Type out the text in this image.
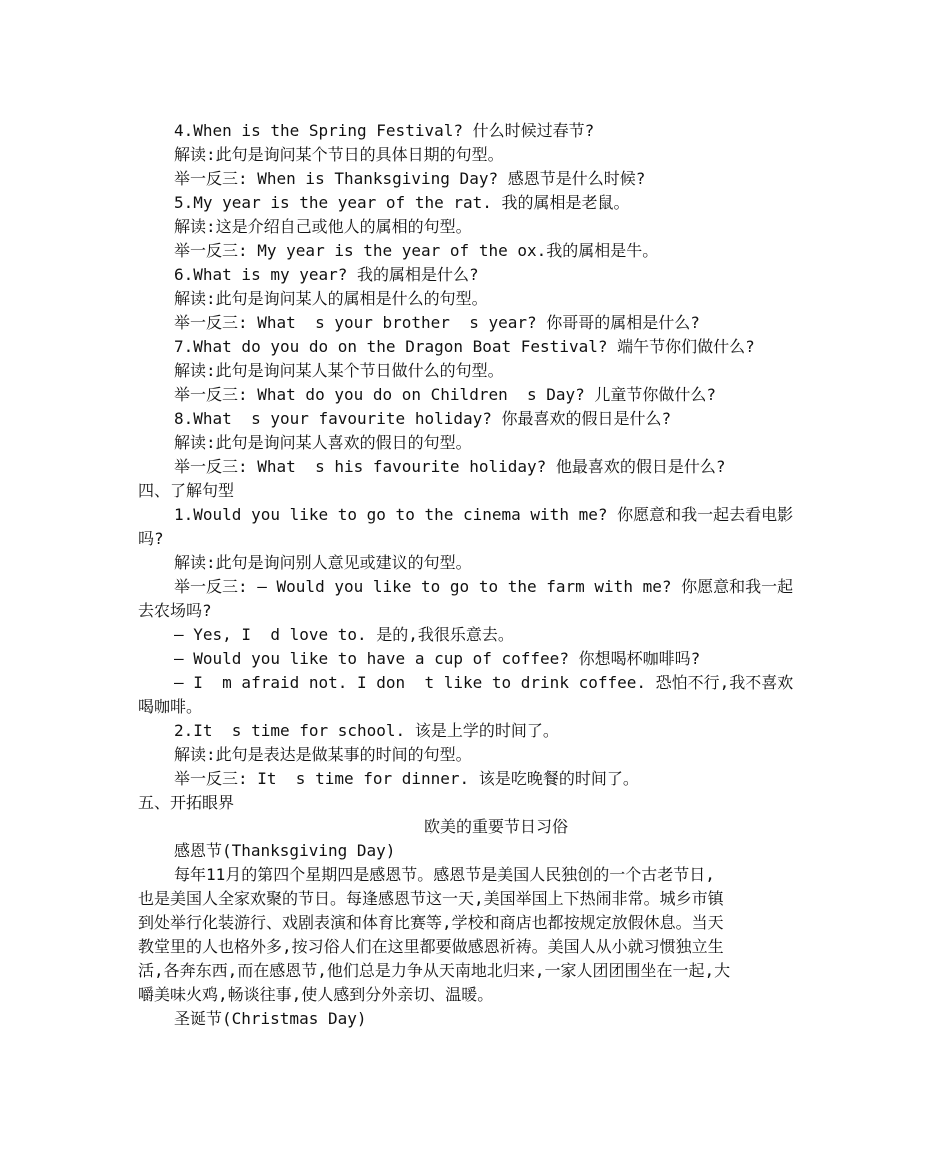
4.When is the Spring Festival? 什么时候过春节?
解读:此句是询问某个节日的具体日期的句型。
举一反三: When is Thanksgiving Day? 感恩节是什么时候?
5.My year is the year of the rat. 我的属相是老鼠。
解读:这是介绍自己或他人的属相的句型。
举一反三: My year is the year of the ox.我的属相是牛。
6.What is my year? 我的属相是什么?
解读:此句是询问某人的属相是什么的句型。
举一反三: What  s your brother  s year? 你哥哥的属相是什么?
7.What do you do on the Dragon Boat Festival? 端午节你们做什么?
解读:此句是询问某人某个节日做什么的句型。
举一反三: What do you do on Children  s Day? 儿童节你做什么?
8.What  s your favourite holiday? 你最喜欢的假日是什么?
解读:此句是询问某人喜欢的假日的句型。
举一反三: What  s his favourite holiday? 他最喜欢的假日是什么?
四、了解句型
1.Would you like to go to the cinema with me? 你愿意和我一起去看电影
吗?
解读:此句是询问别人意见或建议的句型。
举一反三: — Would you like to go to the farm with me? 你愿意和我一起
去农场吗?
— Yes, I  d love to. 是的,我很乐意去。
— Would you like to have a cup of coffee? 你想喝杯咖啡吗?
— I  m afraid not. I don  t like to drink coffee. 恐怕不行,我不喜欢
喝咖啡。
2.It  s time for school. 该是上学的时间了。
解读:此句是表达是做某事的时间的句型。
举一反三: It  s time for dinner. 该是吃晚餐的时间了。
五、开拓眼界
欧美的重要节日习俗
感恩节(Thanksgiving Day)
每年11月的第四个星期四是感恩节。感恩节是美国人民独创的一个古老节日,
也是美国人全家欢聚的节日。每逢感恩节这一天,美国举国上下热闹非常。城乡市镇
到处举行化装游行、戏剧表演和体育比赛等,学校和商店也都按规定放假休息。当天
教堂里的人也格外多,按习俗人们在这里都要做感恩祈祷。美国人从小就习惯独立生
活,各奔东西,而在感恩节,他们总是力争从天南地北归来,一家人团团围坐在一起,大
嚼美味火鸡,畅谈往事,使人感到分外亲切、温暖。
圣诞节(Christmas Day)
